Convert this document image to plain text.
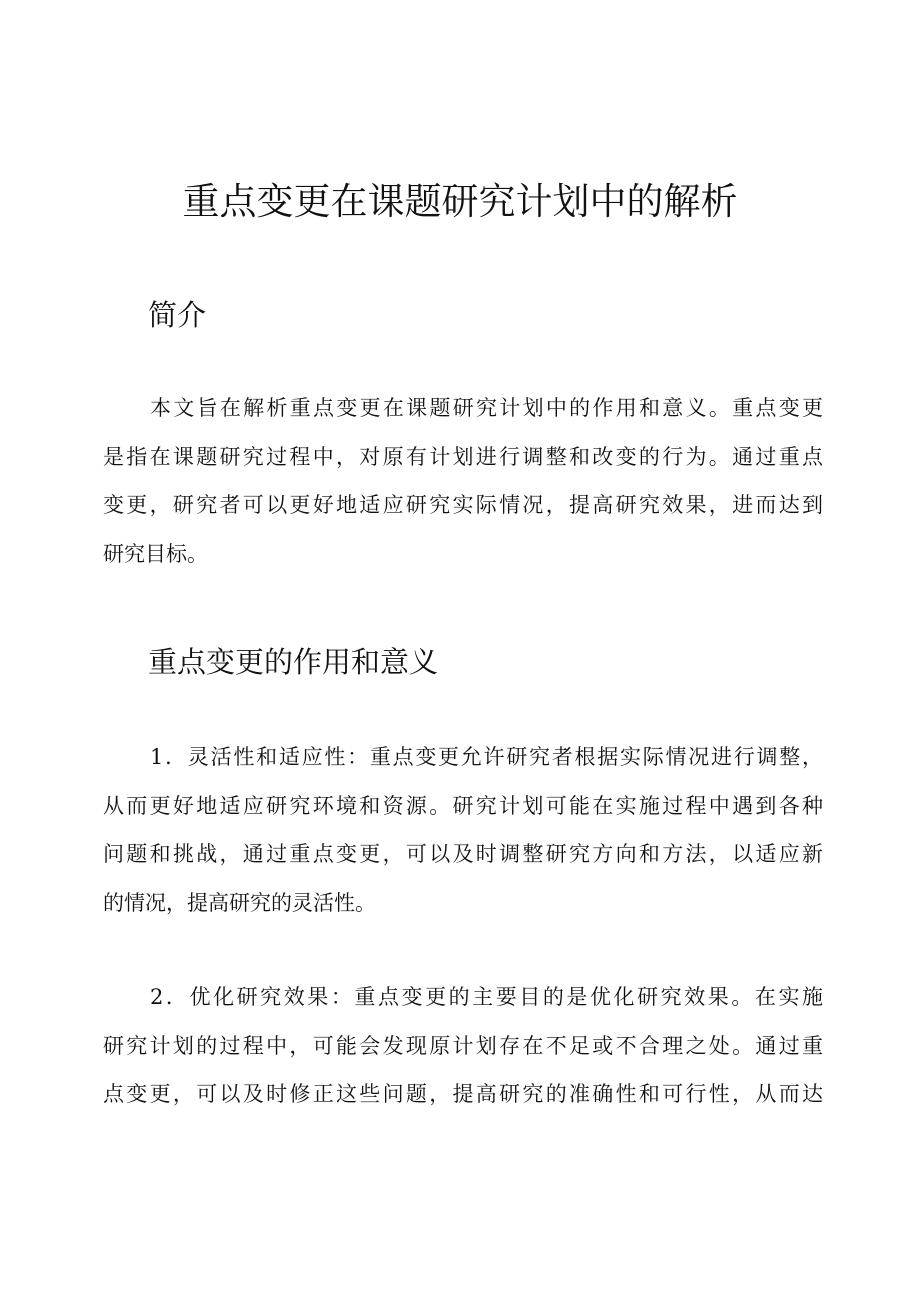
重点变更在课题研究计划中的解析
简介
本文旨在解析重点变更在课题研究计划中的作用和意义。重点变更
是指在课题研究过程中，对原有计划进行调整和改变的行为。通过重点
变更，研究者可以更好地适应研究实际情况，提高研究效果，进而达到
研究目标。
重点变更的作用和意义
1．灵活性和适应性：重点变更允许研究者根据实际情况进行调整，
从而更好地适应研究环境和资源。研究计划可能在实施过程中遇到各种
问题和挑战，通过重点变更，可以及时调整研究方向和方法，以适应新
的情况，提高研究的灵活性。
2．优化研究效果：重点变更的主要目的是优化研究效果。在实施
研究计划的过程中，可能会发现原计划存在不足或不合理之处。通过重
点变更，可以及时修正这些问题，提高研究的准确性和可行性，从而达
